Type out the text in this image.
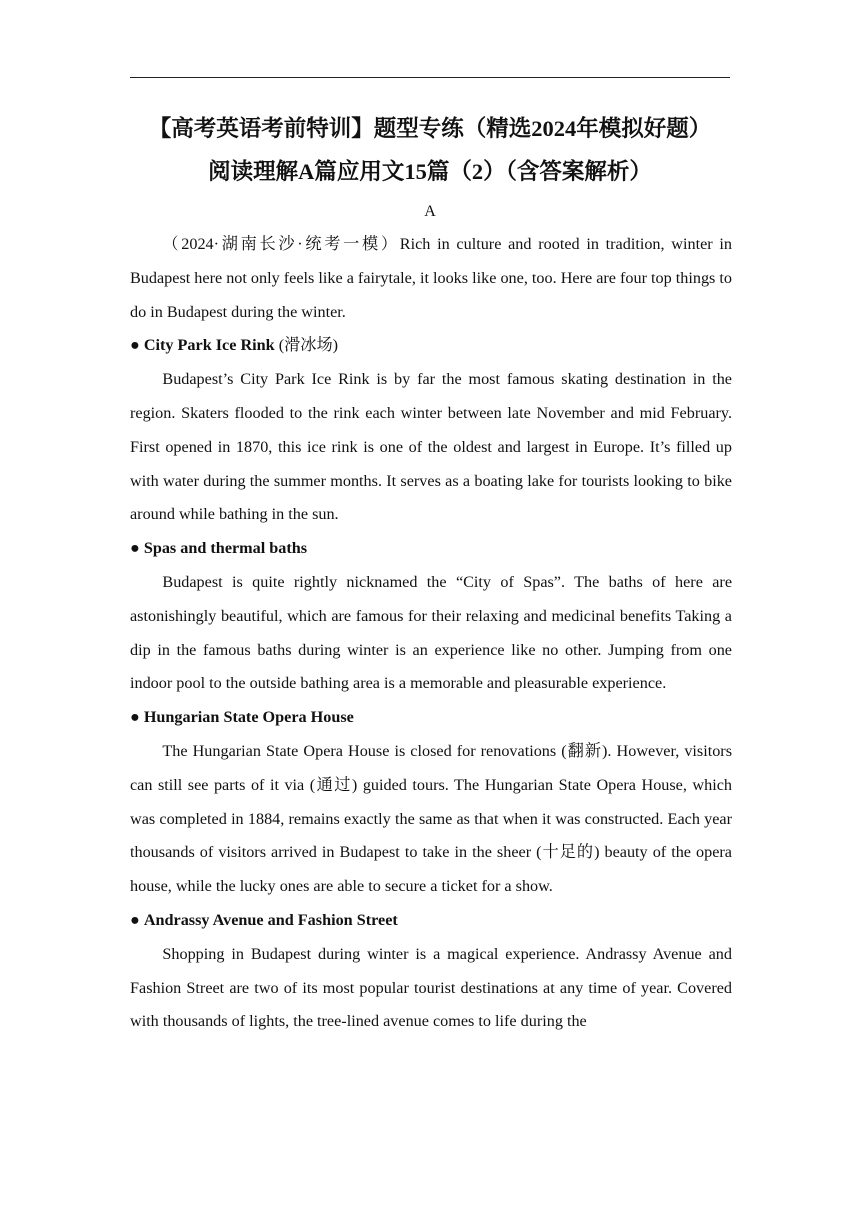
【高考英语考前特训】题型专练（精选2024年模拟好题）
阅读理解A篇应用文15篇（2）（含答案解析）
A

（2024·湖南长沙·统考一模）Rich in culture and rooted in tradition, winter in Budapest here not only feels like a fairytale, it looks like one, too. Here are four top things to do in Budapest during the winter.

● City Park Ice Rink (滑冰场)

Budapest’s City Park Ice Rink is by far the most famous skating destination in the region. Skaters flooded to the rink each winter between late November and mid February. First opened in 1870, this ice rink is one of the oldest and largest in Europe. It’s filled up with water during the summer months. It serves as a boating lake for tourists looking to bike around while bathing in the sun.

● Spas and thermal baths

Budapest is quite rightly nicknamed the “City of Spas”. The baths of here are astonishingly beautiful, which are famous for their relaxing and medicinal benefits Taking a dip in the famous baths during winter is an experience like no other. Jumping from one indoor pool to the outside bathing area is a memorable and pleasurable experience.

● Hungarian State Opera House

The Hungarian State Opera House is closed for renovations (翻新). However, visitors can still see parts of it via (通过) guided tours. The Hungarian State Opera House, which was completed in 1884, remains exactly the same as that when it was constructed. Each year thousands of visitors arrived in Budapest to take in the sheer (十足的) beauty of the opera house, while the lucky ones are able to secure a ticket for a show.

● Andrassy Avenue and Fashion Street

Shopping in Budapest during winter is a magical experience. Andrassy Avenue and Fashion Street are two of its most popular tourist destinations at any time of year. Covered with thousands of lights, the tree-lined avenue comes to life during the
